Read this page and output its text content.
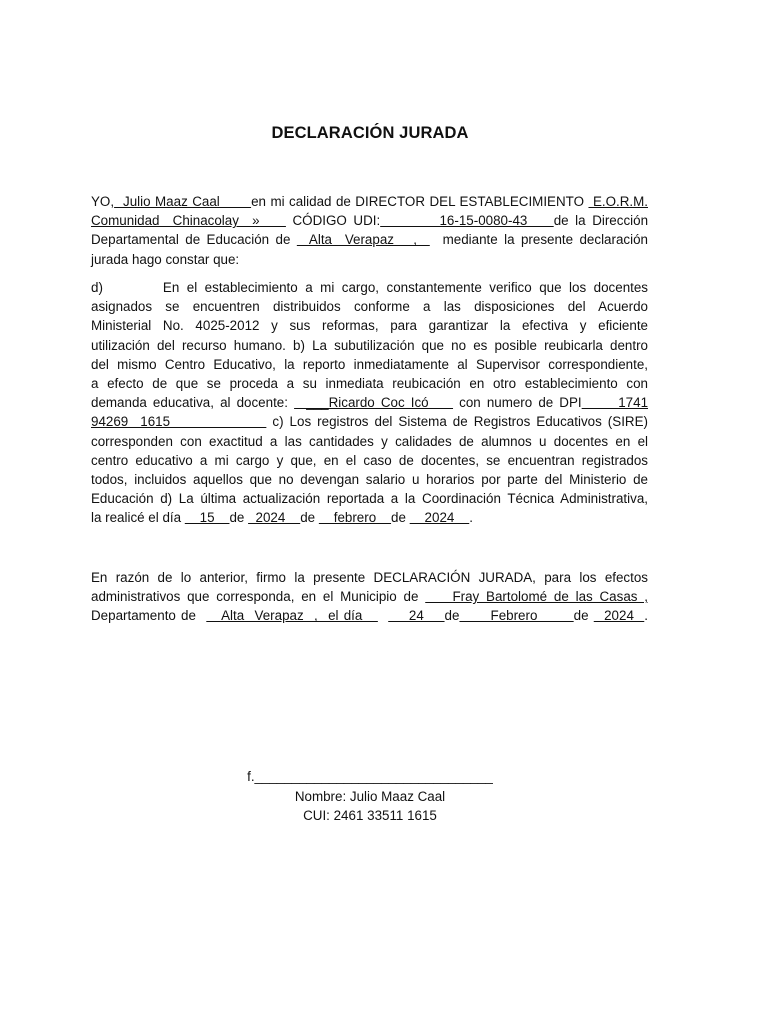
DECLARACIÓN JURADA
YO,  Julio Maaz Caal       en mi calidad de DIRECTOR DEL ESTABLECIMIENTO  E.O.R.M.
Comunidad  Chinacolay  »     CÓDIGO UDI:         16-15-0080-43    de la Dirección
Departamental de Educación de   Alta  Verapaz   ,    mediante la presente declaración
jurada hago constar que:
d)        En el establecimiento a mi cargo, constantemente verifico que los docentes
asignados se encuentren distribuidos conforme a las disposiciones del Acuerdo
Ministerial No. 4025-2012 y sus reformas, para garantizar la efectiva y eficiente
utilización del recurso humano. b) La subutilización que no es posible reubicarla dentro
del mismo Centro Educativo, la reporto inmediatamente al Supervisor correspondiente,
a efecto de que se proceda a su inmediata reubicación en otro establecimiento con
demanda educativa, al docente:   ___Ricardo Coc Icó     con numero de DPI      1741
94269  1615                 c) Los registros del Sistema de Registros Educativos (SIRE)
corresponden con exactitud a las cantidades y calidades de alumnos u docentes en el
centro educativo a mi cargo y que, en el caso de docentes, se encuentran registrados
todos, incluidos aquellos que no devengan salario u horarios por parte del Ministerio de
Educación d) La última actualización reportada a la Coordinación Técnica Administrativa,
la realicé el día     15    de   2024    de     febrero    de     2024    .
En razón de lo anterior, firmo la presente DECLARACIÓN JURADA, para los efectos
administrativos que corresponda, en el Municipio de     Fray Bartolomé de las Casas ,
Departamento de     Alta  Verapaz  ,  el día         24    de      Febrero       de   2024  .
f.________________________________
Nombre: Julio Maaz Caal
CUI: 2461 33511 1615
